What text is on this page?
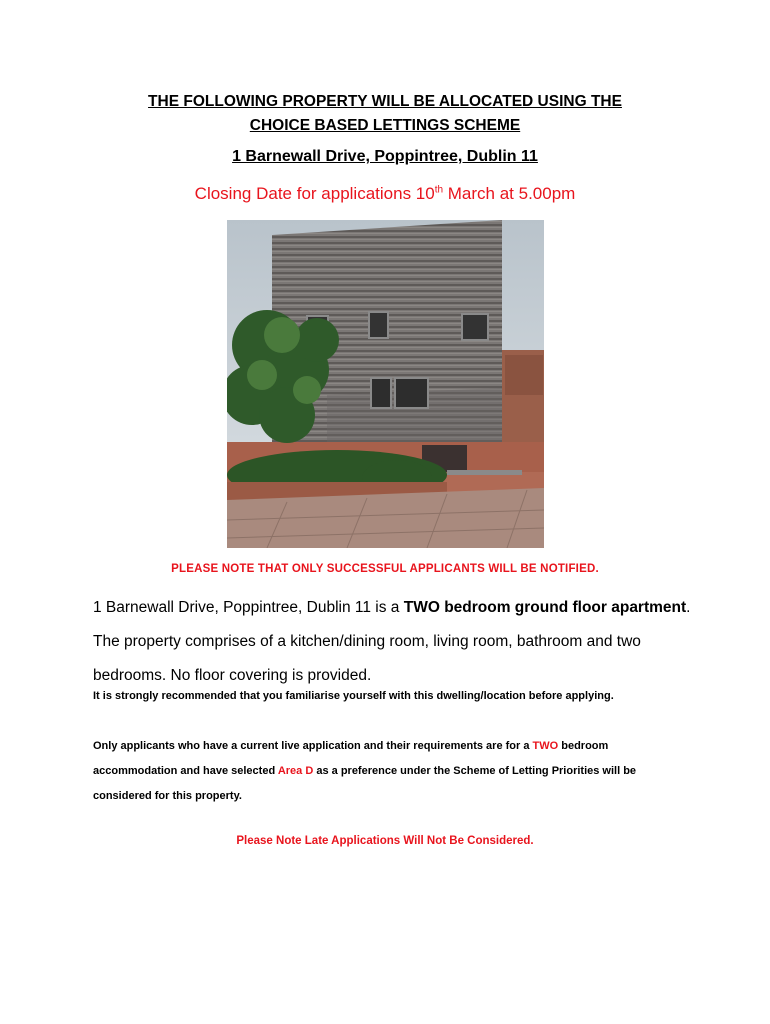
THE FOLLOWING PROPERTY WILL BE ALLOCATED USING THE
CHOICE BASED LETTINGS SCHEME
1 Barnewall Drive, Poppintree, Dublin 11
Closing Date for applications 10th March at 5.00pm
PLEASE NOTE THAT ONLY SUCCESSFUL APPLICANTS WILL BE NOTIFIED.
1 Barnewall Drive, Poppintree, Dublin 11 is a TWO bedroom ground floor apartment. The property comprises of a kitchen/dining room, living room, bathroom and two bedrooms. No floor covering is provided.
It is strongly recommended that you familiarise yourself with this dwelling/location before applying.
Only applicants who have a current live application and their requirements are for a TWO bedroom accommodation and have selected Area D as a preference under the Scheme of Letting Priorities will be considered for this property.
Please Note Late Applications Will Not Be Considered.
